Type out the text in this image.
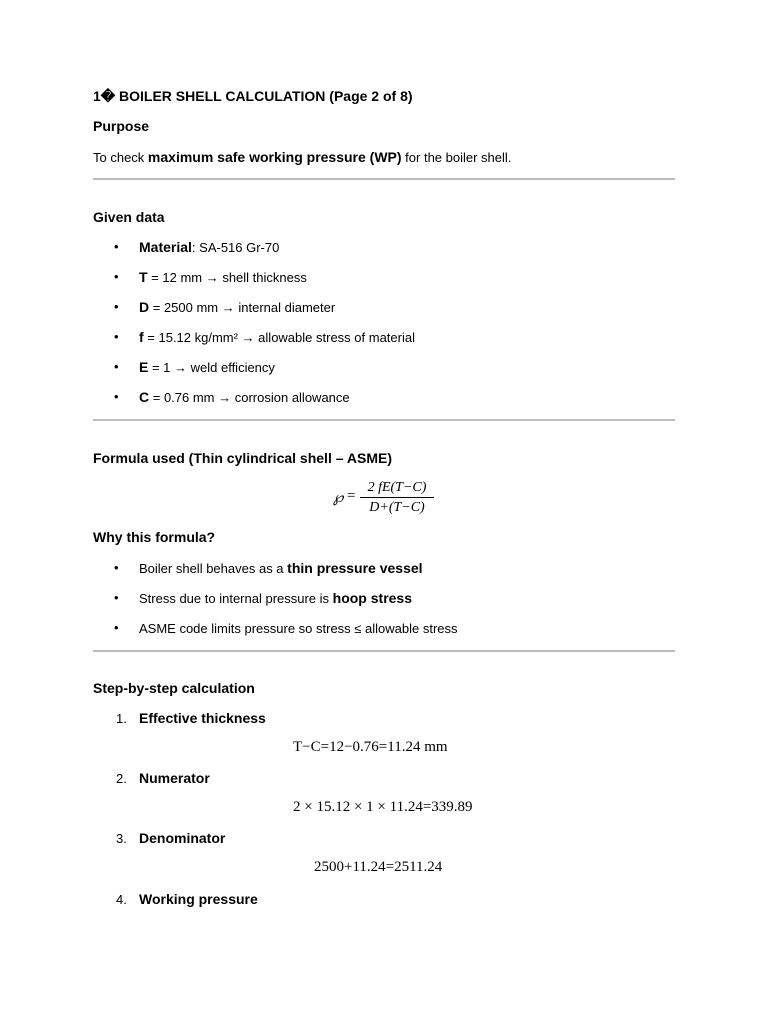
1� BOILER SHELL CALCULATION (Page 2 of 8)
Purpose
To check maximum safe working pressure (WP) for the boiler shell.
Given data
• Material: SA-516 Gr-70
• T = 12 mm → shell thickness
• D = 2500 mm → internal diameter
• f = 15.12 kg/mm² → allowable stress of material
• E = 1 → weld efficiency
• C = 0.76 mm → corrosion allowance
Formula used (Thin cylindrical shell – ASME)
℘ =
2 fE(T−C)
D+(T−C)
Why this formula?
• Boiler shell behaves as a thin pressure vessel
• Stress due to internal pressure is hoop stress
• ASME code limits pressure so stress ≤ allowable stress
Step-by-step calculation
1. Effective thickness
T−C=12−0.76=11.24 mm
2. Numerator
2 × 15.12 × 1 × 11.24=339.89
3. Denominator
2500+11.24=2511.24
4. Working pressure
